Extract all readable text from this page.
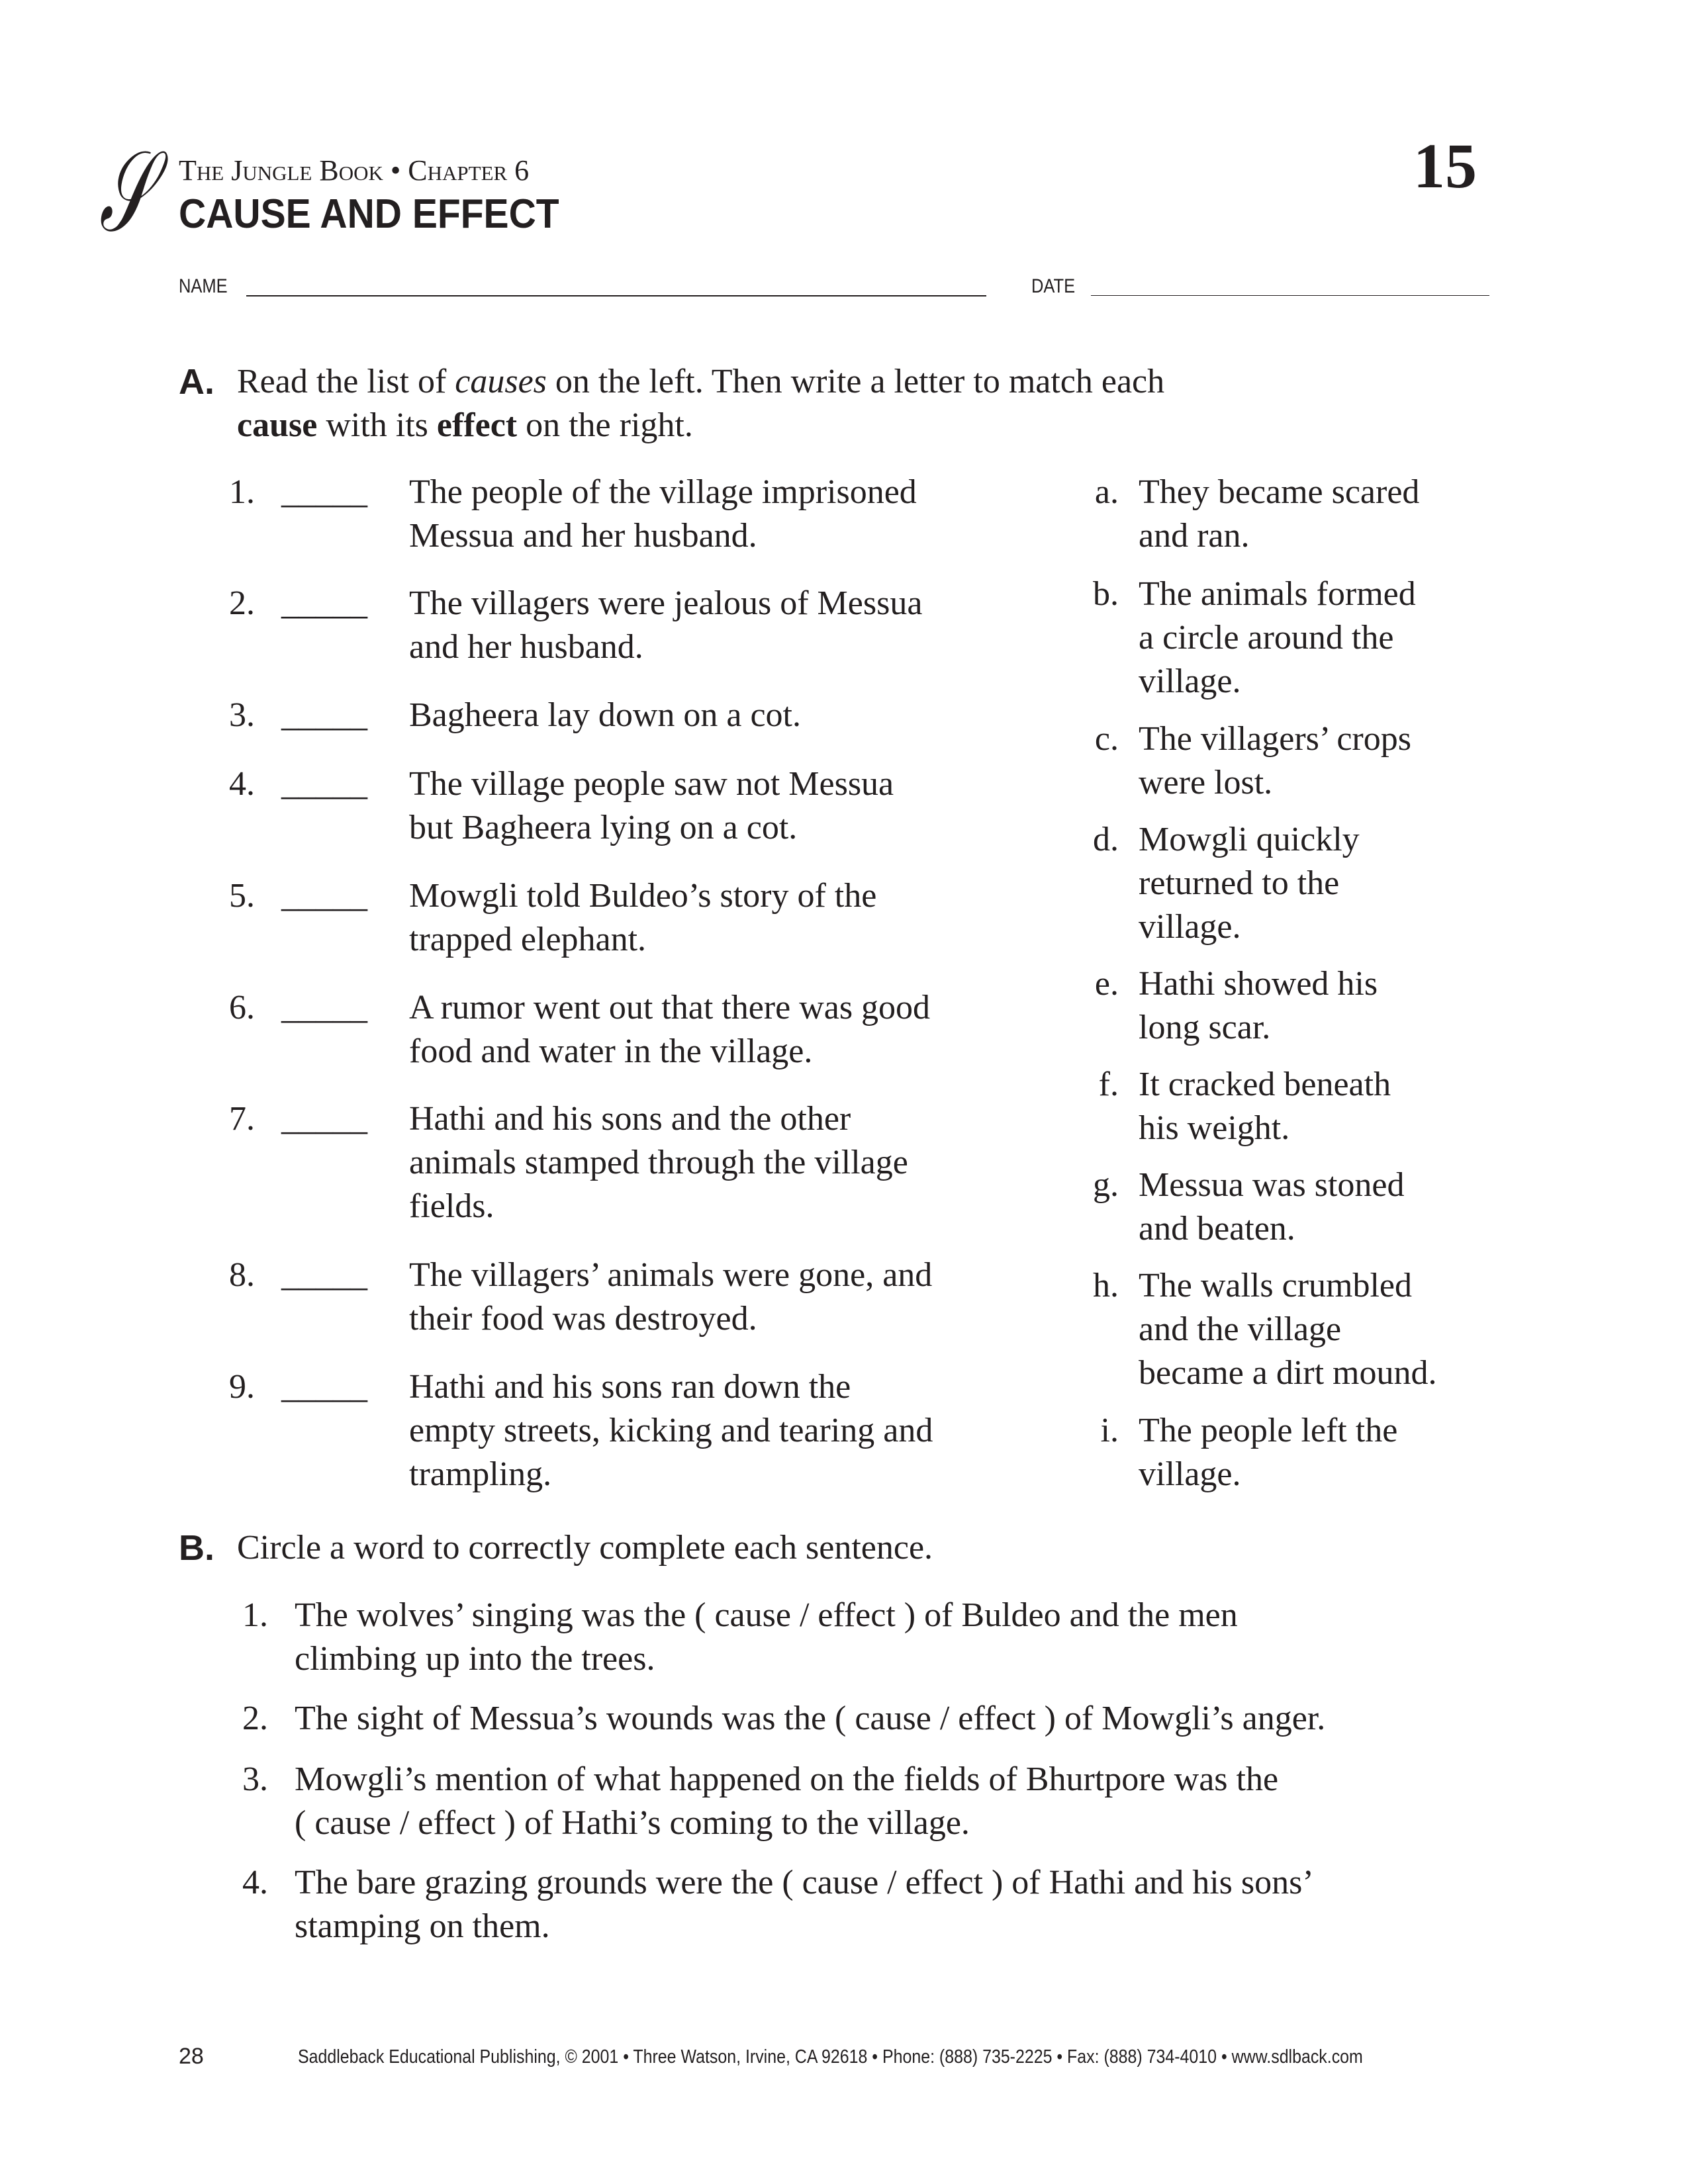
𝒮 The Jungle Book • Chapter 6
CAUSE AND EFFECT
15
NAME	DATE
A. Read the list of causes on the left. Then write a letter to match each
cause with its effect on the right.
1. _____ The people of the village imprisoned
Messua and her husband.
2. _____ The villagers were jealous of Messua
and her husband.
3. _____ Bagheera lay down on a cot.
4. _____ The village people saw not Messua
but Bagheera lying on a cot.
5. _____ Mowgli told Buldeo’s story of the
trapped elephant.
6. _____ A rumor went out that there was good
food and water in the village.
7. _____ Hathi and his sons and the other
animals stamped through the village
fields.
8. _____ The villagers’ animals were gone, and
their food was destroyed.
9. _____ Hathi and his sons ran down the
empty streets, kicking and tearing and
trampling.
a. They became scared
and ran.
b. The animals formed
a circle around the
village.
c. The villagers’ crops
were lost.
d. Mowgli quickly
returned to the
village.
e. Hathi showed his
long scar.
f. It cracked beneath
his weight.
g. Messua was stoned
and beaten.
h. The walls crumbled
and the village
became a dirt mound.
i. The people left the
village.
B. Circle a word to correctly complete each sentence.
1. The wolves’ singing was the ( cause / effect ) of Buldeo and the men
climbing up into the trees.
2. The sight of Messua’s wounds was the ( cause / effect ) of Mowgli’s anger.
3. Mowgli’s mention of what happened on the fields of Bhurtpore was the
( cause / effect ) of Hathi’s coming to the village.
4. The bare grazing grounds were the ( cause / effect ) of Hathi and his sons’
stamping on them.
28	Saddleback Educational Publishing, © 2001 • Three Watson, Irvine, CA 92618 • Phone: (888) 735-2225 • Fax: (888) 734-4010 • www.sdlback.com
